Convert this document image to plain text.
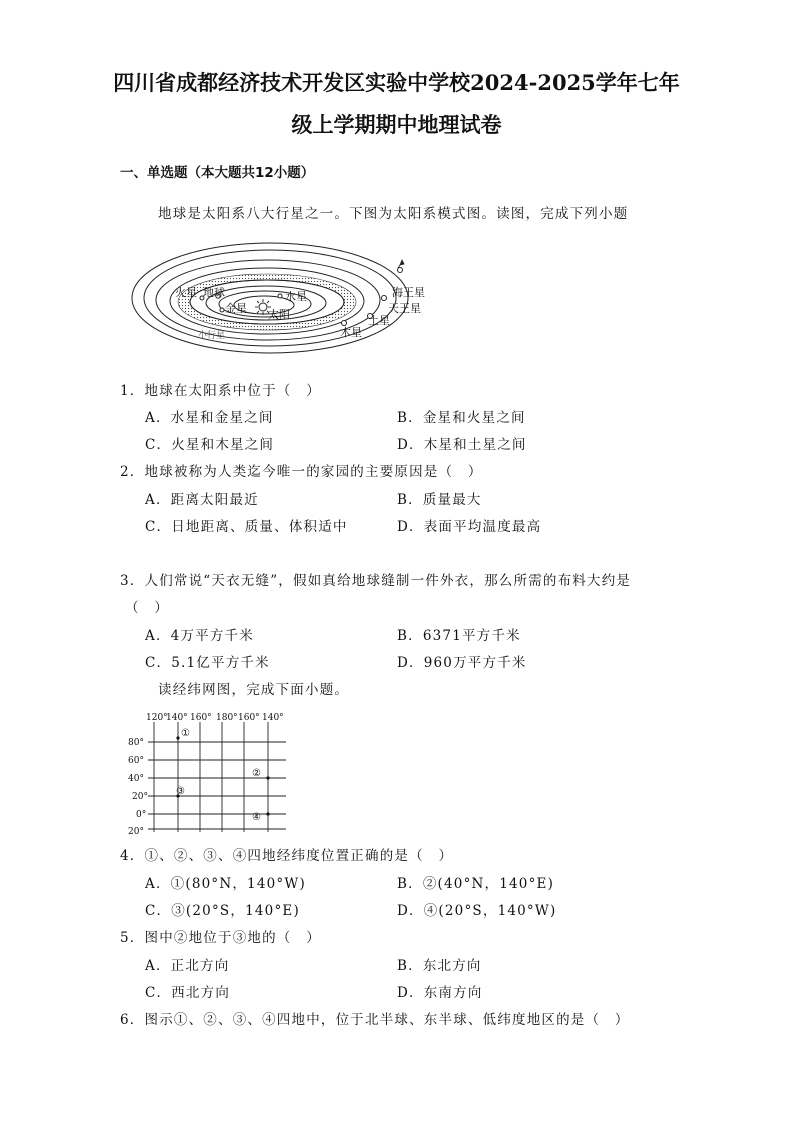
四川省成都经济技术开发区实验中学校2024-2025学年七年
级上学期期中地理试卷
一、单选题（本大题共12小题）
地球是太阳系八大行星之一。下图为太阳系模式图。读图，完成下列小题
火星 地球
金星
水星
太阳
海王星
天王星
土星
木星
小行星
1．地球在太阳系中位于（　）
A．水星和金星之间	B．金星和火星之间
C．火星和木星之间	D．木星和土星之间
2．地球被称为人类迄今唯一的家园的主要原因是（　）
A．距离太阳最近	B．质量最大
C．日地距离、质量、体积适中	D．表面平均温度最高
3．人们常说“天衣无缝”，假如真给地球缝制一件外衣，那么所需的布料大约是
（　）
A．4万平方千米	B．6371平方千米
C．5.1亿平方千米	D．960万平方千米
读经纬网图，完成下面小题。
120°
140° 160° 180° 160° 140°
80°
60°
40°
20°
0°
20°
①
②
③
④
4．①、②、③、④四地经纬度位置正确的是（　）
A．①(80°N，140°W)	B．②(40°N，140°E)
C．③(20°S，140°E)	D．④(20°S，140°W)
5．图中②地位于③地的（　）
A．正北方向	B．东北方向
C．西北方向	D．东南方向
6．图示①、②、③、④四地中，位于北半球、东半球、低纬度地区的是（　）
